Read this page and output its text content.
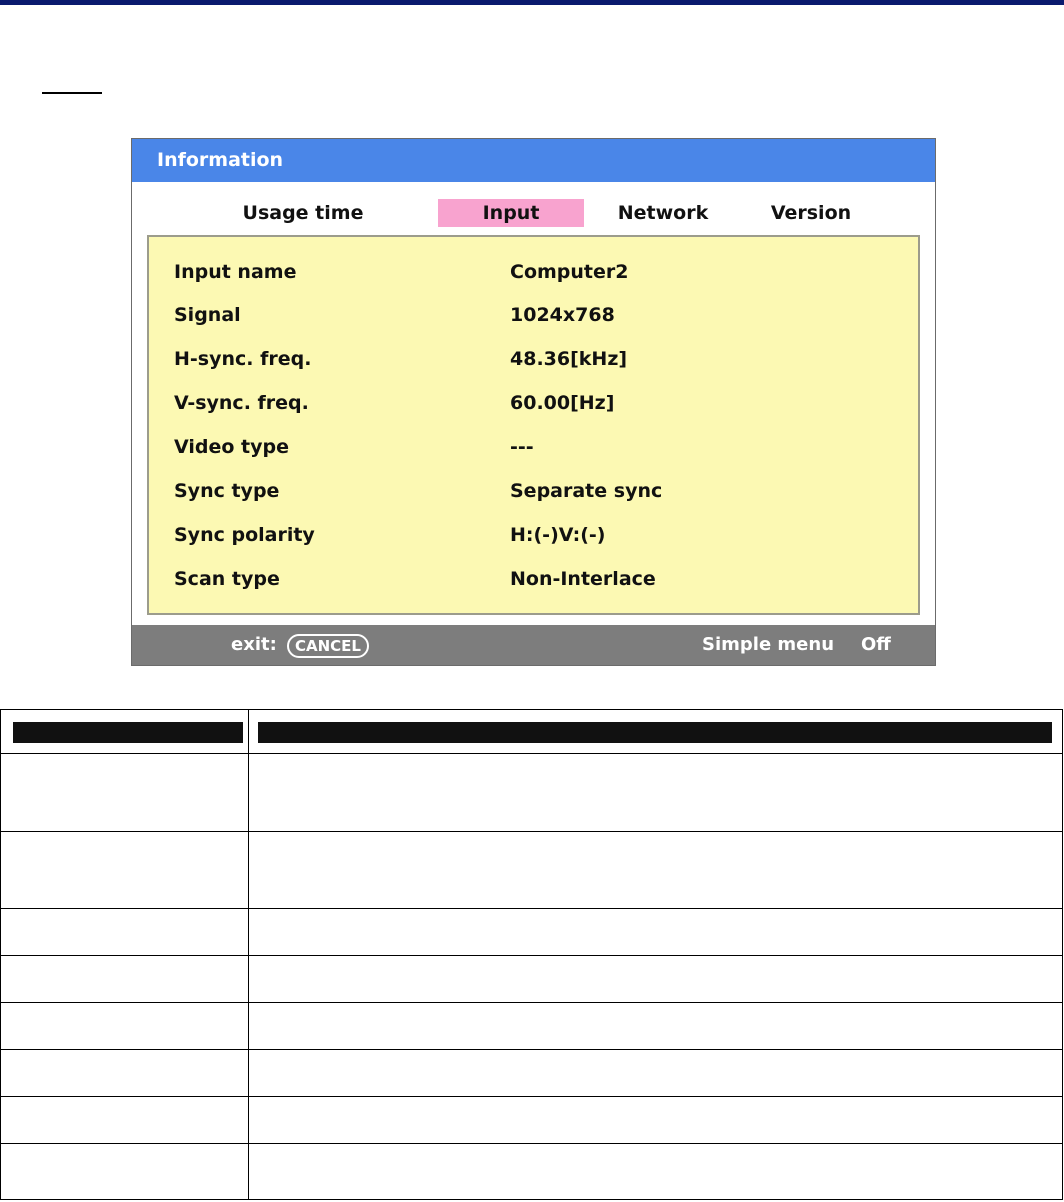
Information
Usage time	Input	Network	Version
Input name	Computer2
Signal	1024x768
H-sync. freq.	48.36[kHz]
V-sync. freq.	60.00[Hz]
Video type	---
Sync type	Separate sync
Sync polarity	H:(-)V:(-)
Scan type	Non-Interlace
exit:	CANCEL	Simple menu Off
